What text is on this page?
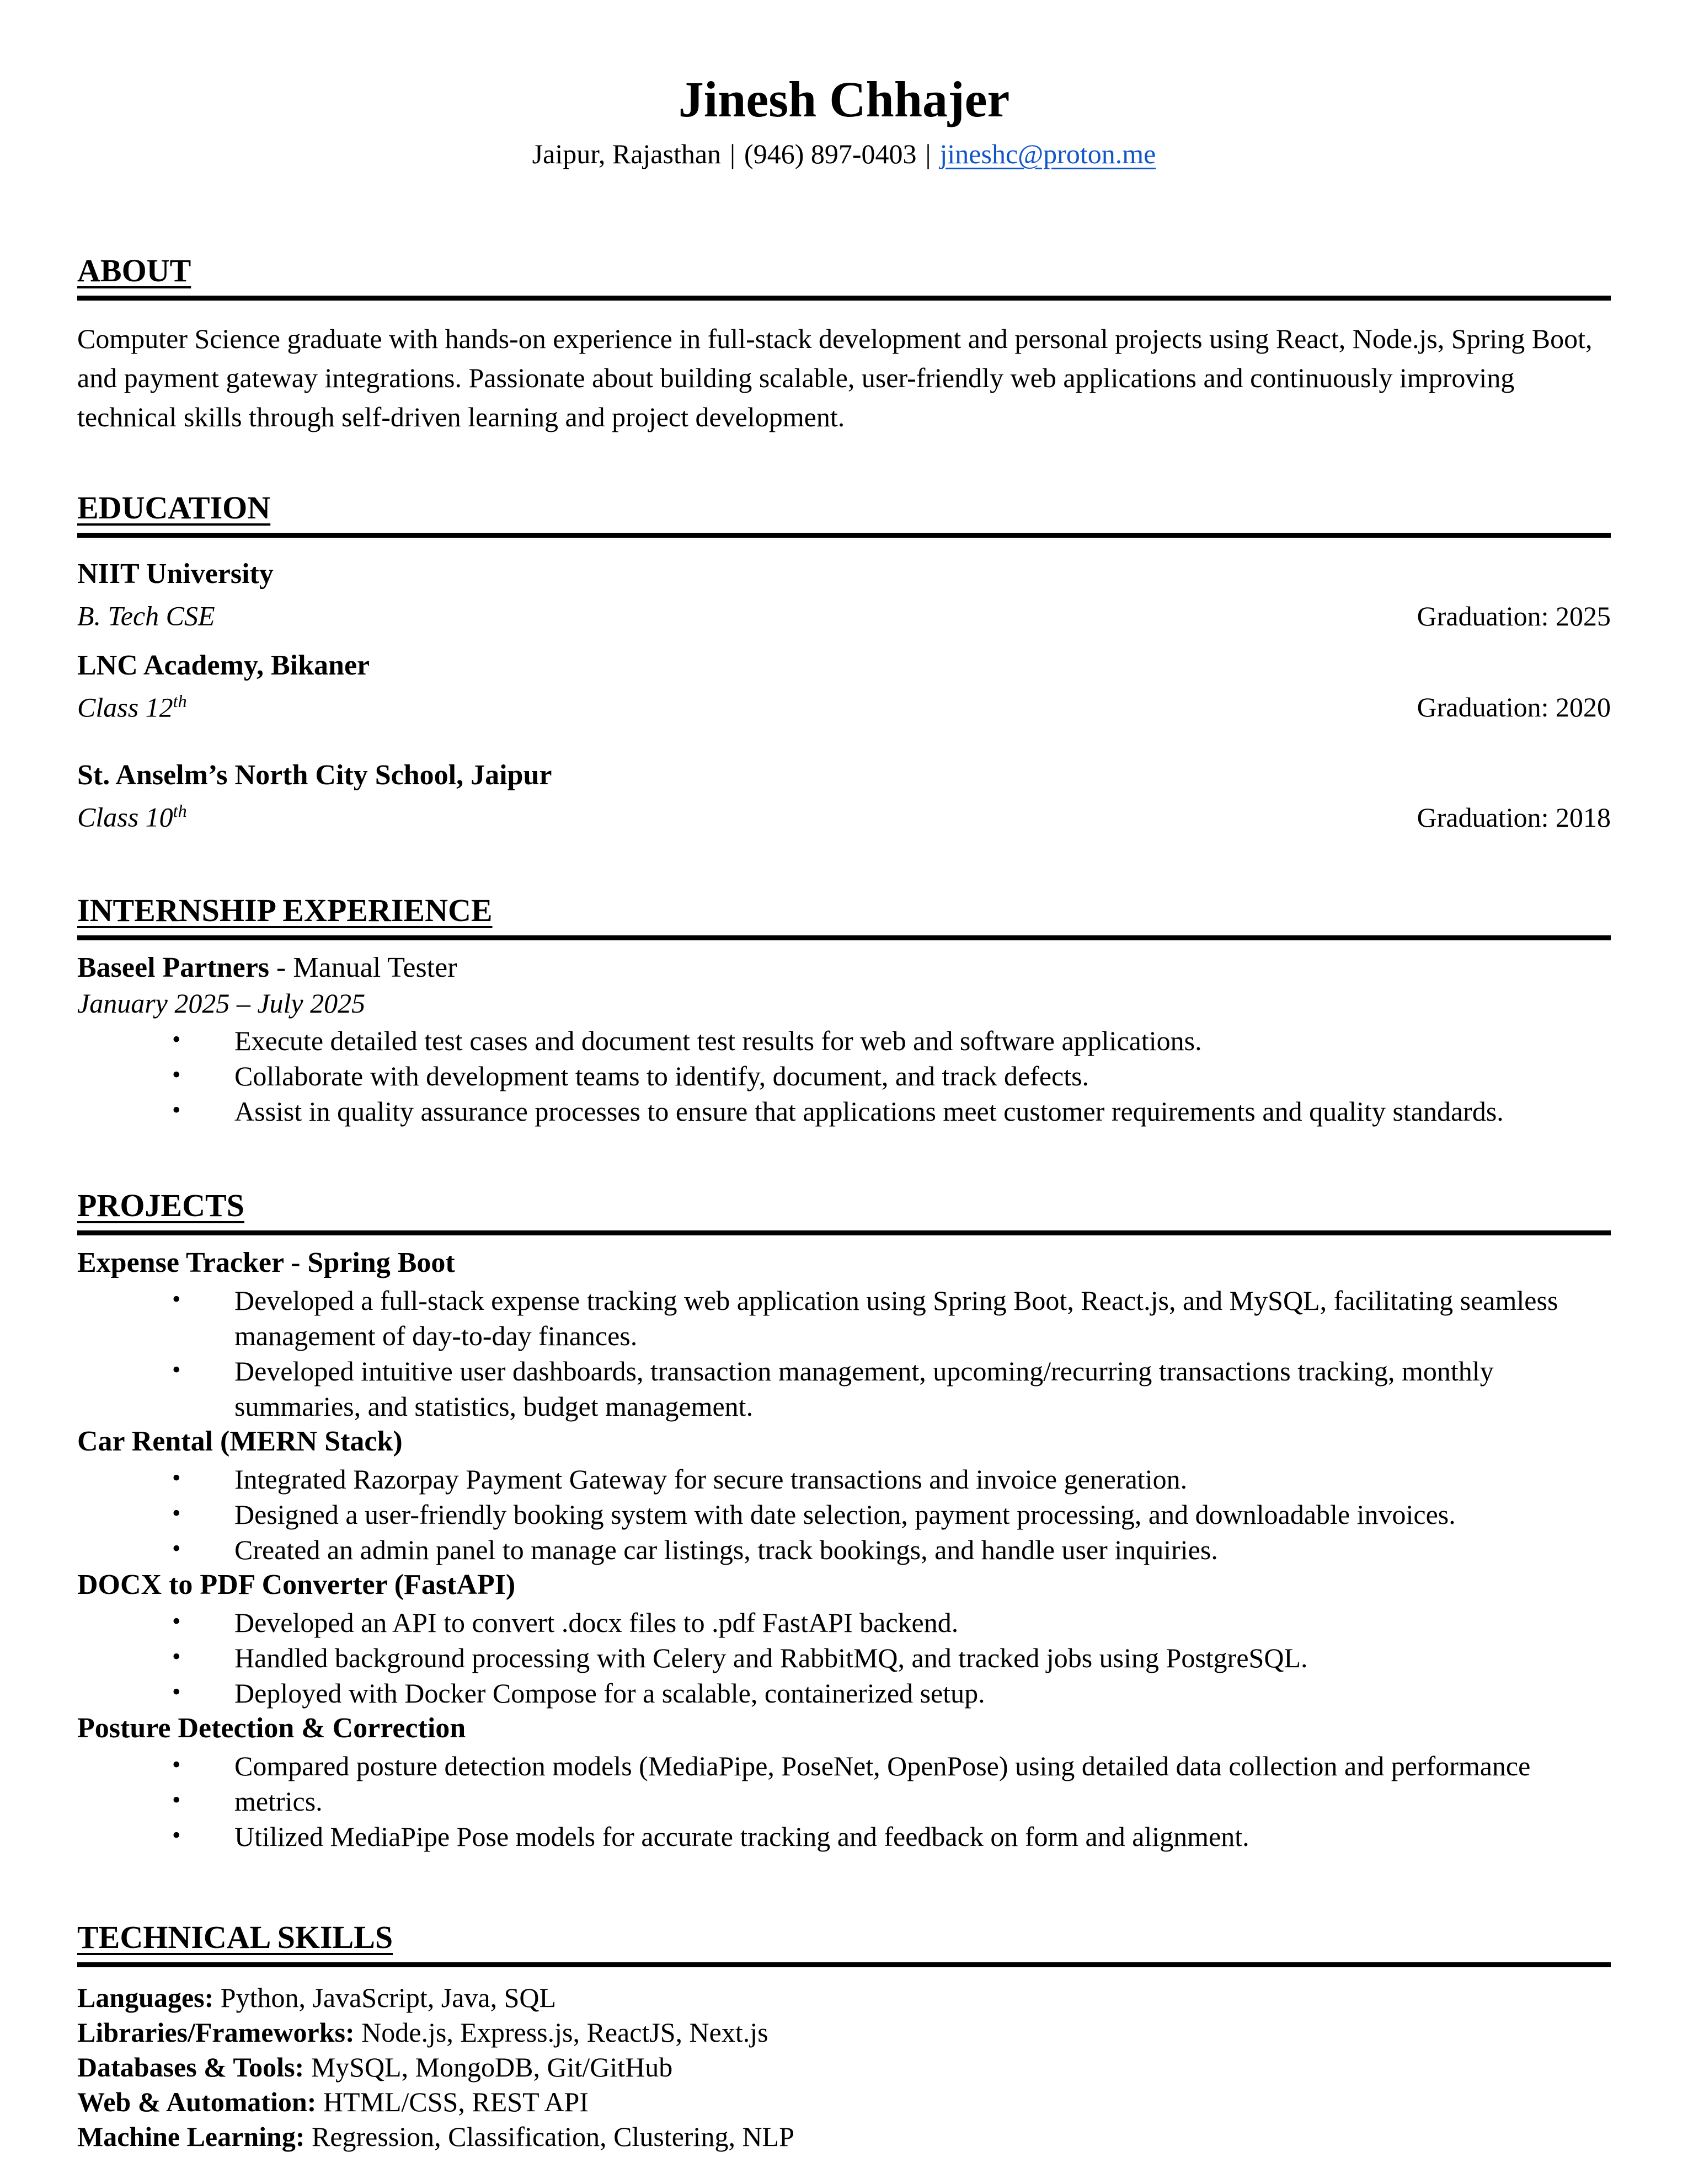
Jinesh Chhajer
Jaipur, Rajasthan | (946) 897-0403 | jineshc@proton.me
ABOUT

Computer Science graduate with hands-on experience in full-stack development and personal projects using React, Node.js, Spring Boot, and payment gateway integrations. Passionate about building scalable, user-friendly web applications and continuously improving technical skills through self-driven learning and project development.

EDUCATION
NIIT University
B. Tech CSE	Graduation: 2025
LNC Academy, Bikaner
Class 12th	Graduation: 2020
St. Anselm’s North City School, Jaipur
Class 10th	Graduation: 2018
INTERNSHIP EXPERIENCE
Baseel Partners - Manual Tester
January 2025 – July 2025
• Execute detailed test cases and document test results for web and software applications.
• Collaborate with development teams to identify, document, and track defects.
• Assist in quality assurance processes to ensure that applications meet customer requirements and quality standards.
PROJECTS
Expense Tracker - Spring Boot
• Developed a full-stack expense tracking web application using Spring Boot, React.js, and MySQL, facilitating seamless management of day-to-day finances.
• Developed intuitive user dashboards, transaction management, upcoming/recurring transactions tracking, monthly summaries, and statistics, budget management.
Car Rental (MERN Stack)
• Integrated Razorpay Payment Gateway for secure transactions and invoice generation.
• Designed a user-friendly booking system with date selection, payment processing, and downloadable invoices.
• Created an admin panel to manage car listings, track bookings, and handle user inquiries.
DOCX to PDF Converter (FastAPI)
• Developed an API to convert .docx files to .pdf FastAPI backend.
• Handled background processing with Celery and RabbitMQ, and tracked jobs using PostgreSQL.
• Deployed with Docker Compose for a scalable, containerized setup.
Posture Detection & Correction
• Compared posture detection models (MediaPipe, PoseNet, OpenPose) using detailed data collection and performance
• metrics.
• Utilized MediaPipe Pose models for accurate tracking and feedback on form and alignment.
TECHNICAL SKILLS
Languages: Python, JavaScript, Java, SQL
Libraries/Frameworks: Node.js, Express.js, ReactJS, Next.js
Databases & Tools: MySQL, MongoDB, Git/GitHub
Web & Automation: HTML/CSS, REST API
Machine Learning: Regression, Classification, Clustering, NLP
